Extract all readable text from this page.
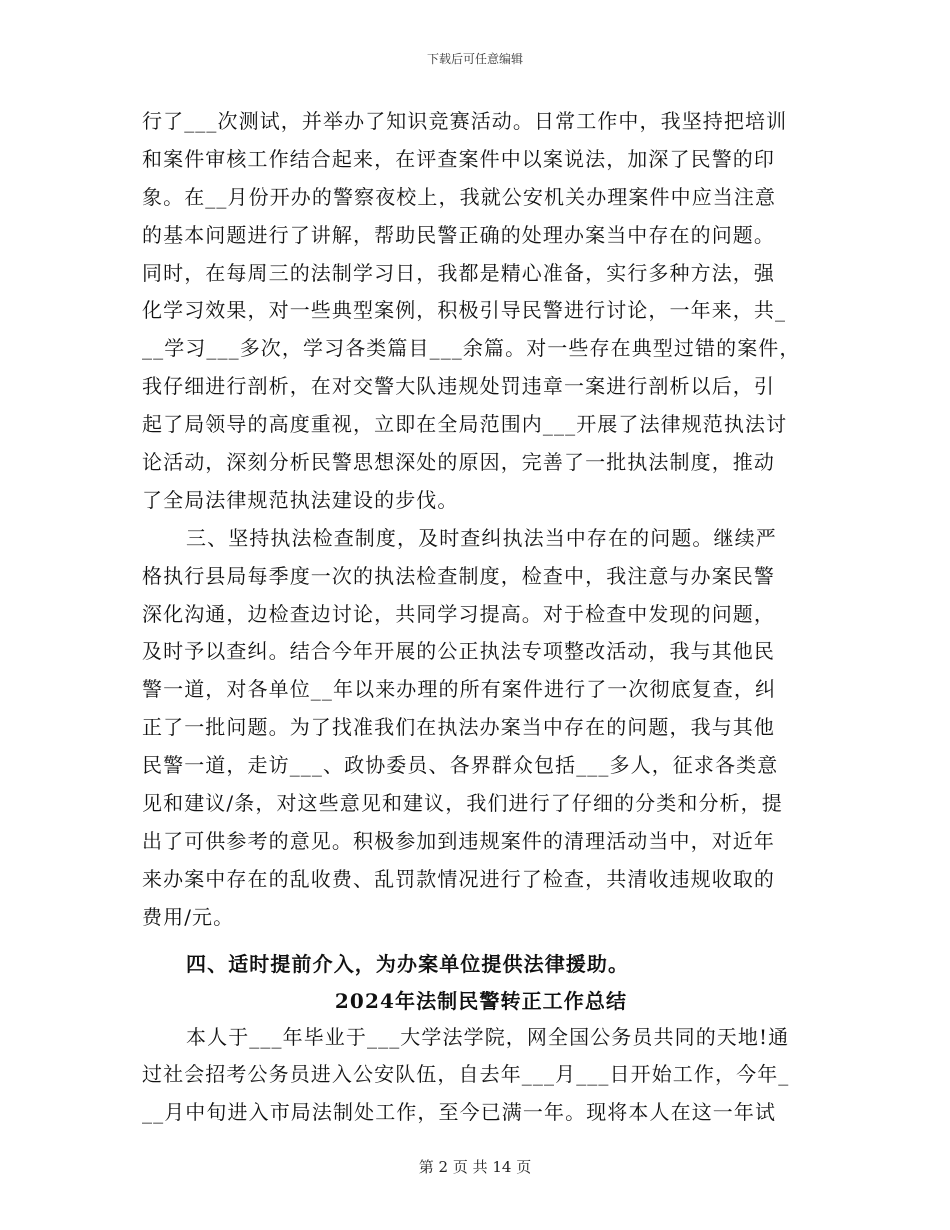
下载后可任意编辑
行了___次测试，并举办了知识竞赛活动。日常工作中，我坚持把培训
和案件审核工作结合起来，在评查案件中以案说法，加深了民警的印
象。在__月份开办的警察夜校上，我就公安机关办理案件中应当注意
的基本问题进行了讲解，帮助民警正确的处理办案当中存在的问题。
同时，在每周三的法制学习日，我都是精心准备，实行多种方法，强
化学习效果，对一些典型案例，积极引导民警进行讨论，一年来，共_
__学习___多次，学习各类篇目___余篇。对一些存在典型过错的案件，
我仔细进行剖析，在对交警大队违规处罚违章一案进行剖析以后，引
起了局领导的高度重视，立即在全局范围内___开展了法律规范执法讨
论活动，深刻分析民警思想深处的原因，完善了一批执法制度，推动
了全局法律规范执法建设的步伐。
三、坚持执法检查制度，及时查纠执法当中存在的问题。继续严
格执行县局每季度一次的执法检查制度，检查中，我注意与办案民警
深化沟通，边检查边讨论，共同学习提高。对于检查中发现的问题，
及时予以查纠。结合今年开展的公正执法专项整改活动，我与其他民
警一道，对各单位__年以来办理的所有案件进行了一次彻底复查，纠
正了一批问题。为了找准我们在执法办案当中存在的问题，我与其他
民警一道，走访___、政协委员、各界群众包括___多人，征求各类意
见和建议/条，对这些意见和建议，我们进行了仔细的分类和分析，提
出了可供参考的意见。积极参加到违规案件的清理活动当中，对近年
来办案中存在的乱收费、乱罚款情况进行了检查，共清收违规收取的
费用/元。
四、适时提前介入，为办案单位提供法律援助。
2024年法制民警转正工作总结
本人于___年毕业于___大学法学院，网全国公务员共同的天地!通
过社会招考公务员进入公安队伍，自去年___月___日开始工作，今年_
__月中旬进入市局法制处工作，至今已满一年。现将本人在这一年试
第 2 页 共 14 页
